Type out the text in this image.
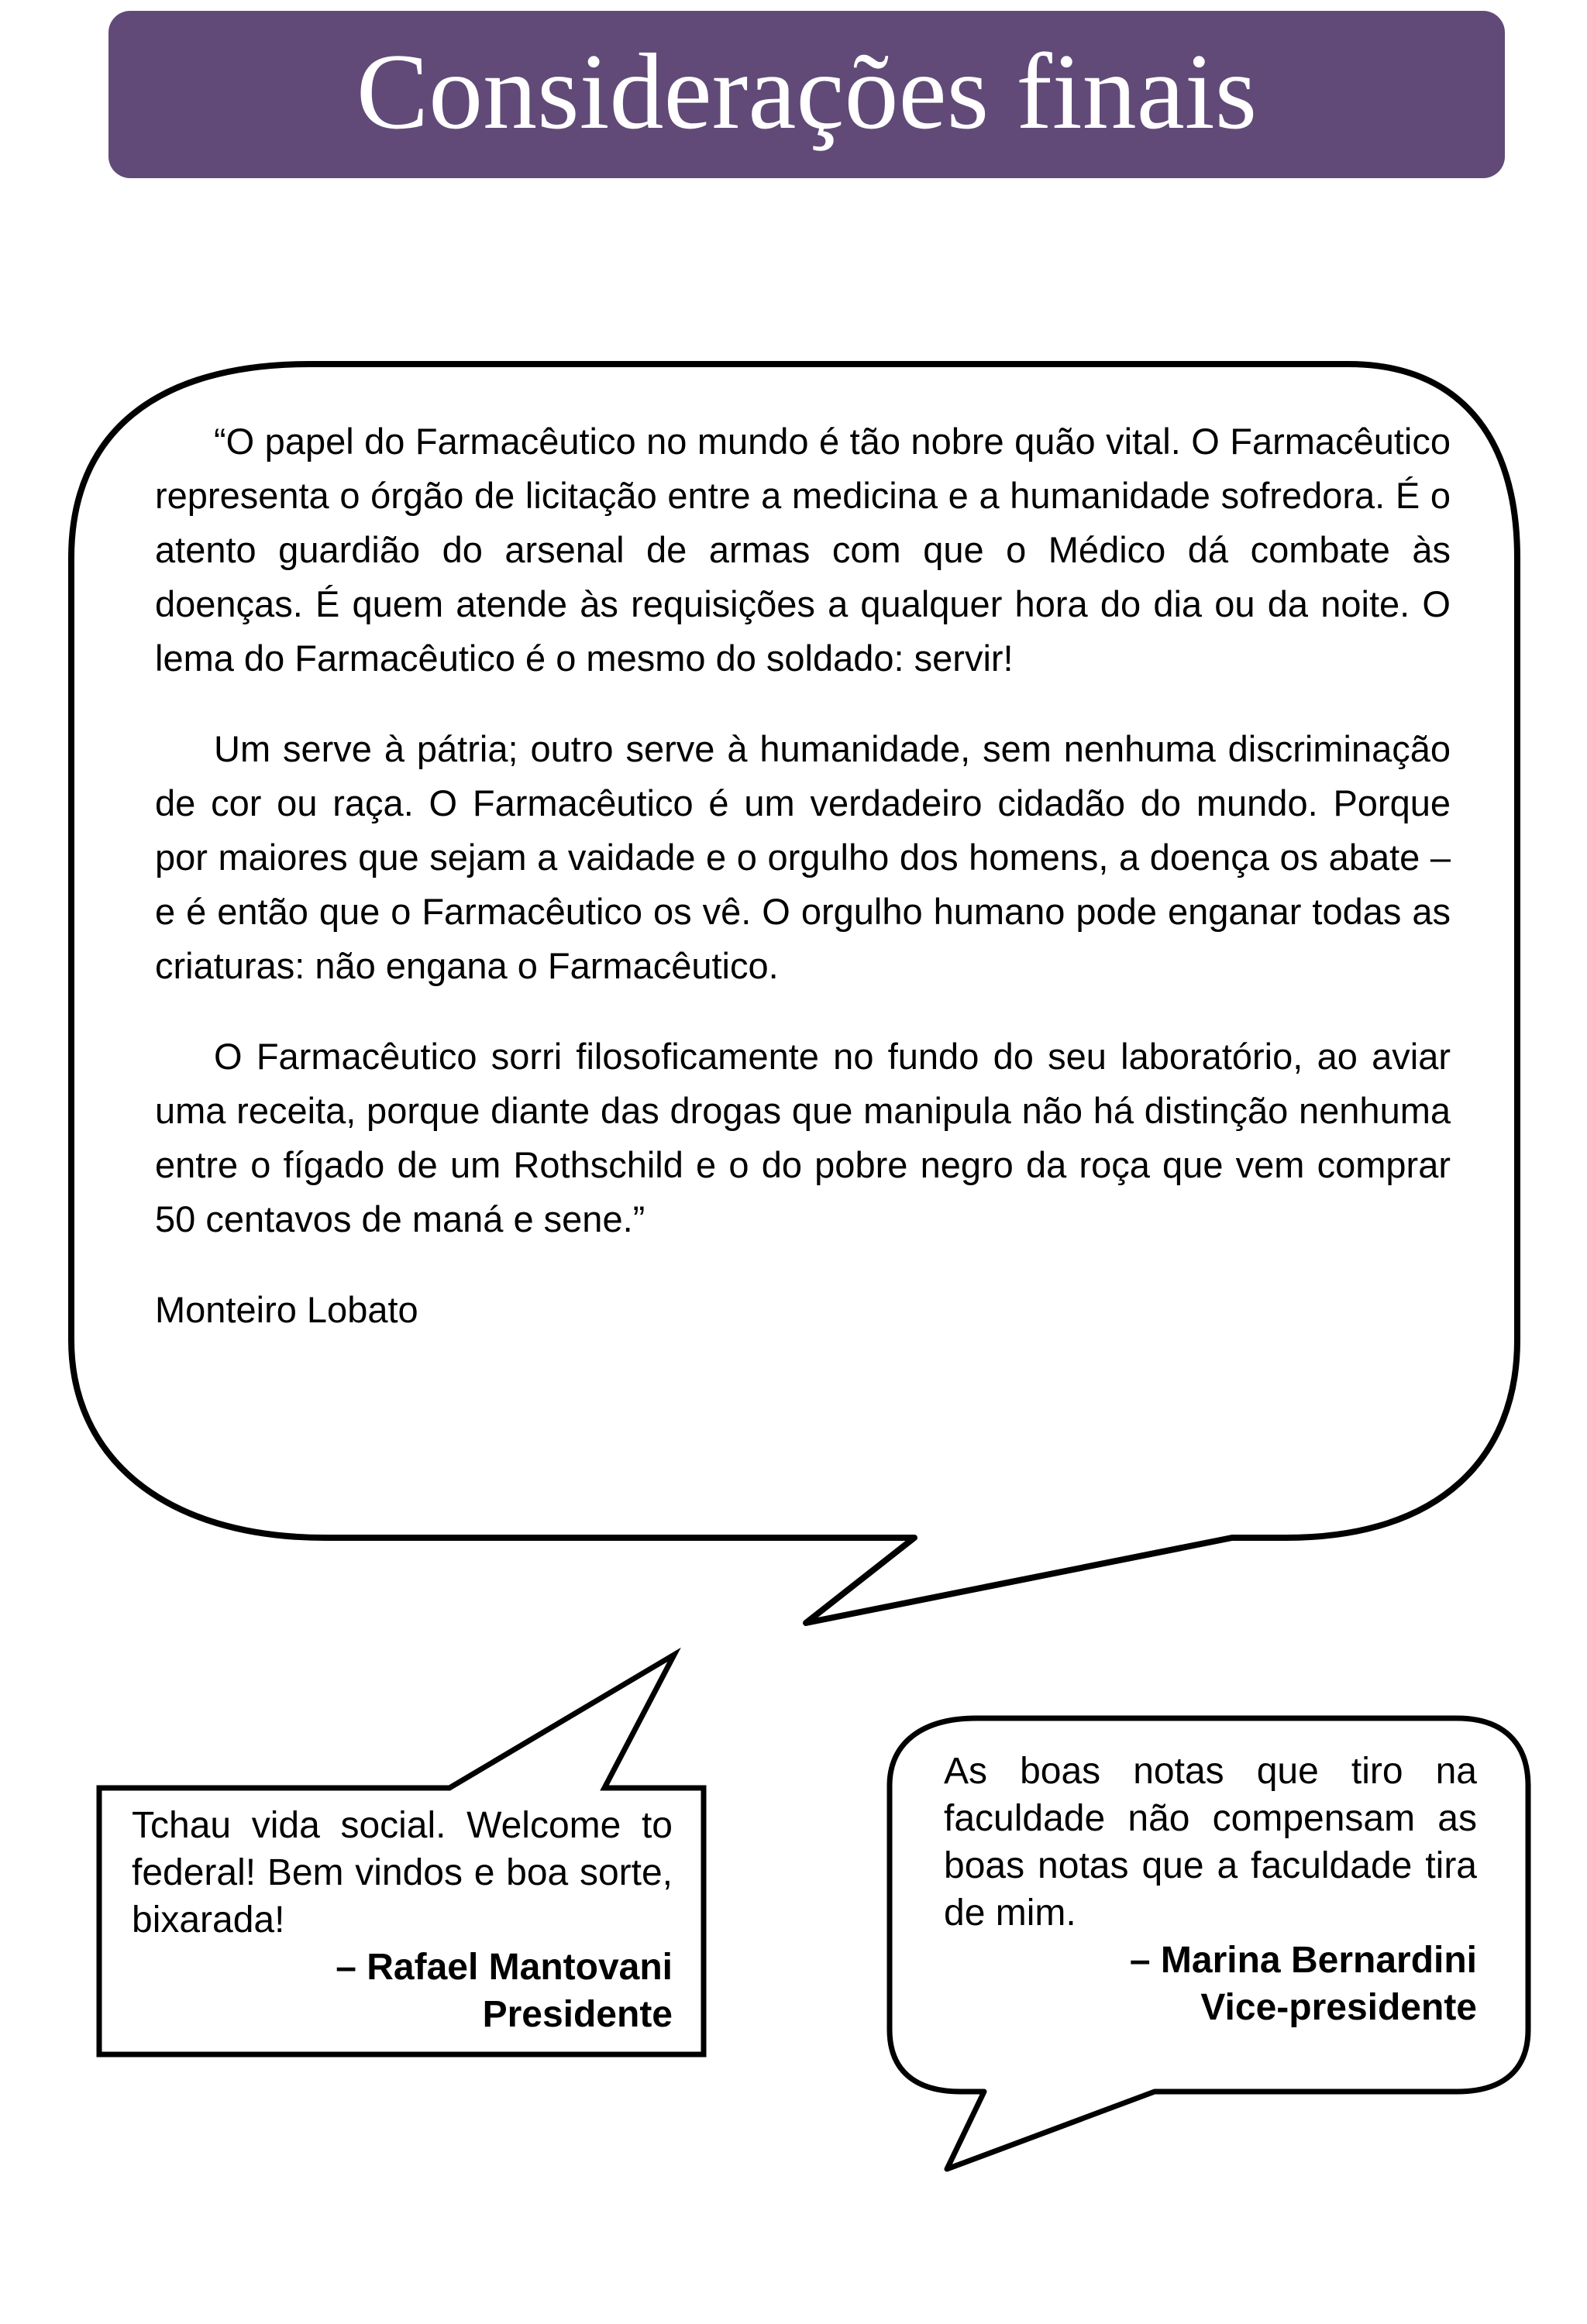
Considerações finais

“O papel do Farmacêutico no mundo é tão nobre quão vital. O Farmacêutico representa o órgão de licitação entre a medicina e a humanidade sofredora. É o atento guardião do arsenal de armas com que o Médico dá combate às doenças. É quem atende às requisições a qualquer hora do dia ou da noite. O lema do Farmacêutico é o mesmo do soldado: servir!

Um serve à pátria; outro serve à humanidade, sem nenhuma discriminação de cor ou raça. O Farmacêutico é um verdadeiro cidadão do mundo. Porque por maiores que sejam a vaidade e o orgulho dos homens, a doença os abate – e é então que o Farmacêutico os vê. O orgulho humano pode enganar todas as criaturas: não engana o Farmacêutico.

O Farmacêutico sorri filosoficamente no fundo do seu laboratório, ao aviar uma receita, porque diante das drogas que manipula não há distinção nenhuma entre o fígado de um Rothschild e o do pobre negro da roça que vem comprar 50 centavos de maná e sene.”

Monteiro Lobato

Tchau vida social. Welcome to federal! Bem vindos e boa sorte, bixarada!

– Rafael Mantovani
Presidente

As boas notas que tiro na faculdade não compensam as boas notas que a faculdade tira de mim.

– Marina Bernardini
Vice-presidente
